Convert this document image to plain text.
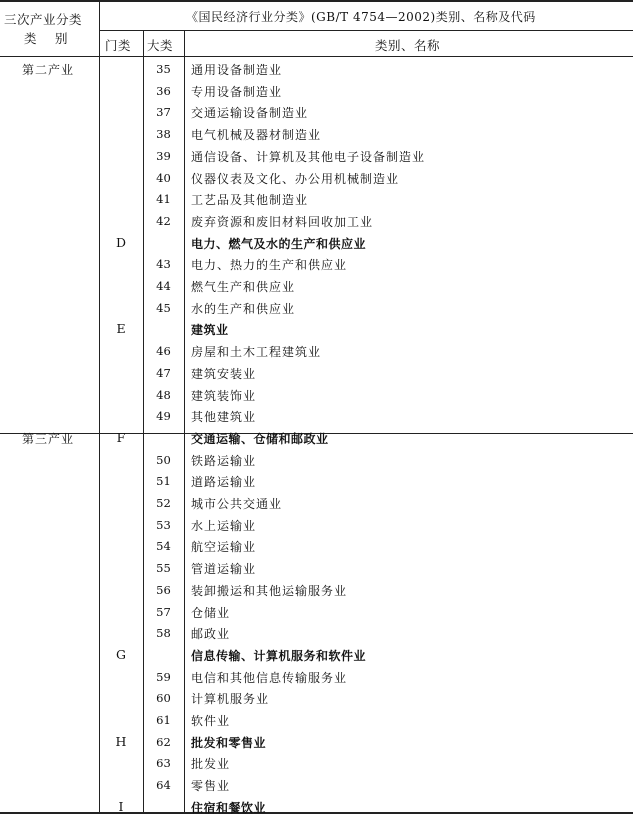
三次产业分类
类　别
《国民经济行业分类》(GB/T 4754—2002)类别、名称及代码
门类 大类	类别、名称
第二产业	35	通用设备制造业
36	专用设备制造业
37	交通运输设备制造业
38	电气机械及器材制造业
39	通信设备、计算机及其他电子设备制造业
40	仪器仪表及文化、办公用机械制造业
41	工艺品及其他制造业
42	废弃资源和废旧材料回收加工业
D	电力、燃气及水的生产和供应业
43	电力、热力的生产和供应业
44	燃气生产和供应业
45	水的生产和供应业
E	建筑业
46	房屋和土木工程建筑业
47	建筑安装业
48	建筑装饰业
49	其他建筑业
第三产业	F	交通运输、仓储和邮政业
50	铁路运输业
51	道路运输业
52	城市公共交通业
53	水上运输业
54	航空运输业
55	管道运输业
56	装卸搬运和其他运输服务业
57	仓储业
58	邮政业
G	信息传输、计算机服务和软件业
59	电信和其他信息传输服务业
60	计算机服务业
61	软件业
H	62	批发和零售业
63	批发业
64	零售业
I	住宿和餐饮业
